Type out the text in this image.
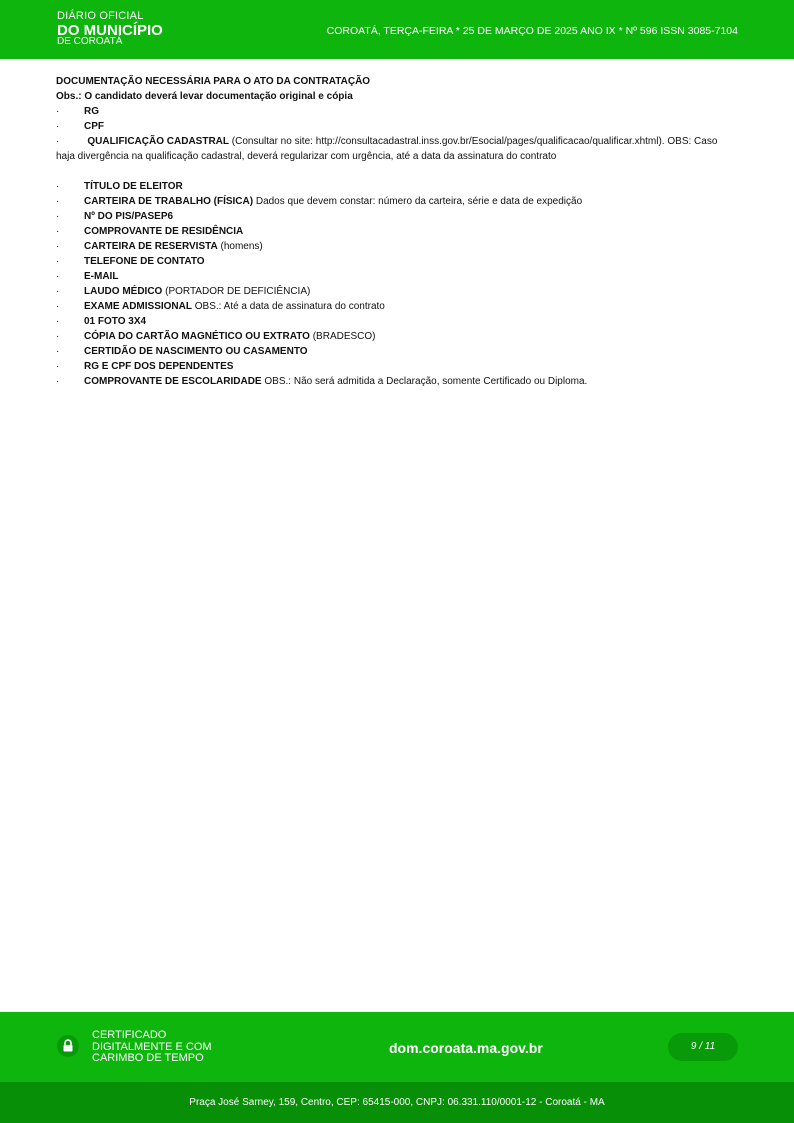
DIÁRIO OFICIAL
DO MUNICÍPIO
DE COROATÁ
COROATÁ, TERÇA-FEIRA * 25 DE MARÇO DE 2025 ANO IX * Nº 596 ISSN 3085-7104
DOCUMENTAÇÃO NECESSÁRIA PARA O ATO DA CONTRATAÇÃO
Obs.: O candidato deverá levar documentação original e cópia
· RG
· CPF
·	QUALIFICAÇÃO CADASTRAL (Consultar no site: http://consultacadastral.inss.gov.br/Esocial/pages/qualificacao/qualificar.xhtml). OBS: Caso haja divergência na qualificação cadastral, deverá regularizar com urgência, até a data da assinatura do contrato
· TÍTULO DE ELEITOR
· CARTEIRA DE TRABALHO (FÍSICA) Dados que devem constar: número da carteira, série e data de expedição
· Nº DO PIS/PASEP6
· COMPROVANTE DE RESIDÊNCIA
· CARTEIRA DE RESERVISTA (homens)
· TELEFONE DE CONTATO
· E-MAIL
· LAUDO MÉDICO (PORTADOR DE DEFICIÊNCIA)
· EXAME ADMISSIONAL OBS.: Até a data de assinatura do contrato
· 01 FOTO 3X4
· CÓPIA DO CARTÃO MAGNÉTICO OU EXTRATO (BRADESCO)
· CERTIDÃO DE NASCIMENTO OU CASAMENTO
· RG E CPF DOS DEPENDENTES
· COMPROVANTE DE ESCOLARIDADE OBS.: Não será admitida a Declaração, somente Certificado ou Diploma.
CERTIFICADO
DIGITALMENTE E COM
CARIMBO DE TEMPO
dom.coroata.ma.gov.br	9 / 11
Praça José Sarney, 159, Centro, CEP: 65415-000, CNPJ: 06.331.110/0001-12 - Coroatá - MA
